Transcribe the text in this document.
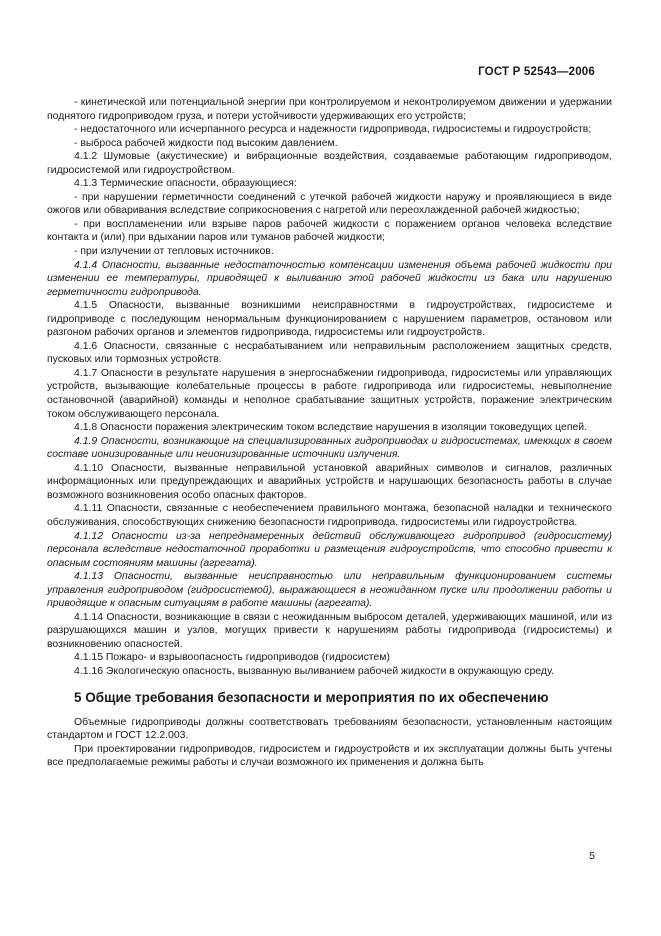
ГОСТ Р 52543—2006

- кинетической или потенциальной энергии при контролируемом и неконтролируемом движении и удержании поднятого гидроприводом груза, и потери устойчивости удерживающих его устройств;

- недостаточного или исчерпанного ресурса и надежности гидропривода, гидросистемы и гидроустройств;

- выброса рабочей жидкости под высоким давлением.

4.1.2 Шумовые (акустические) и вибрационные воздействия, создаваемые работающим гидроприводом, гидросистемой или гидроустройством.

4.1.3 Термические опасности, образующиеся:

- при нарушении герметичности соединений с утечкой рабочей жидкости наружу и проявляющиеся в виде ожогов или обваривания вследствие соприкосновения с нагретой или переохлажденной рабочей жидкостью;

- при воспламенении или взрыве паров рабочей жидкости с поражением органов человека вследствие контакта и (или) при вдыхании паров или туманов рабочей жидкости;

- при излучении от тепловых источников.

4.1.4 Опасности, вызванные недостаточностью компенсации изменения объема рабочей жидкости при изменении ее температуры, приводящей к выливанию этой рабочей жидкости из бака или нарушению герметичности гидропривода.

4.1.5 Опасности, вызванные возникшими неисправностями в гидроустройствах, гидросистеме и гидроприводе с последующим ненормальным функционированием с нарушением параметров, остановом или разгоном рабочих органов и элементов гидропривода, гидросистемы или гидроустройств.

4.1.6 Опасности, связанные с несрабатыванием или неправильным расположением защитных средств, пусковых или тормозных устройств.

4.1.7 Опасности в результате нарушения в энергоснабжении гидропривода, гидросистемы или управляющих устройств, вызывающие колебательные процессы в работе гидропривода или гидросистемы, невыполнение остановочной (аварийной) команды и неполное срабатывание защитных устройств, поражение электрическим током обслуживающего персонала.

4.1.8 Опасности поражения электрическим током вследствие нарушения в изоляции токоведущих цепей.

4.1.9 Опасности, возникающие на специализированных гидроприводах и гидросистемах, имеющих в своем составе ионизированные или неионизированные источники излучения.

4.1.10 Опасности, вызванные неправильной установкой аварийных символов и сигналов, различных информационных или предупреждающих и аварийных устройств и нарушающих безопасность работы в случае возможного возникновения особо опасных факторов.

4.1.11 Опасности, связанные с необеспечением правильного монтажа, безопасной наладки и технического обслуживания, способствующих снижению безопасности гидропривода, гидросистемы или гидроустройства.

4.1.12 Опасности из-за непреднамеренных действий обслуживающего гидропривод (гидросистему) персонала вследствие недостаточной проработки и размещения гидроустройств, что способно привести к опасным состояниям машины (агрегата).

4.1.13 Опасности, вызванные неисправностью или неправильным функционированием системы управления гидроприводом (гидросистемой), выражающиеся в неожиданном пуске или продолжении работы и приводящие к опасным ситуациям в работе машины (агрегата).

4.1.14 Опасности, возникающие в связи с неожиданным выбросом деталей, удерживающих машиной, или из разрушающихся машин и узлов, могущих привести к нарушениям работы гидропривода (гидросистемы) и возникновению опасностей.

4.1.15 Пожаро- и взрывоопасность гидроприводов (гидросистем)

4.1.16 Экологическую опасность, вызванную выливанием рабочей жидкости в окружающую среду.

5 Общие требования безопасности и мероприятия по их обеспечению

Объемные гидроприводы должны соответствовать требованиям безопасности, установленным настоящим стандартом и ГОСТ 12.2.003.

При проектировании гидроприводов, гидросистем и гидроустройств и их эксплуатации должны быть учтены все предполагаемые режимы работы и случаи возможного их применения и должна быть

5
